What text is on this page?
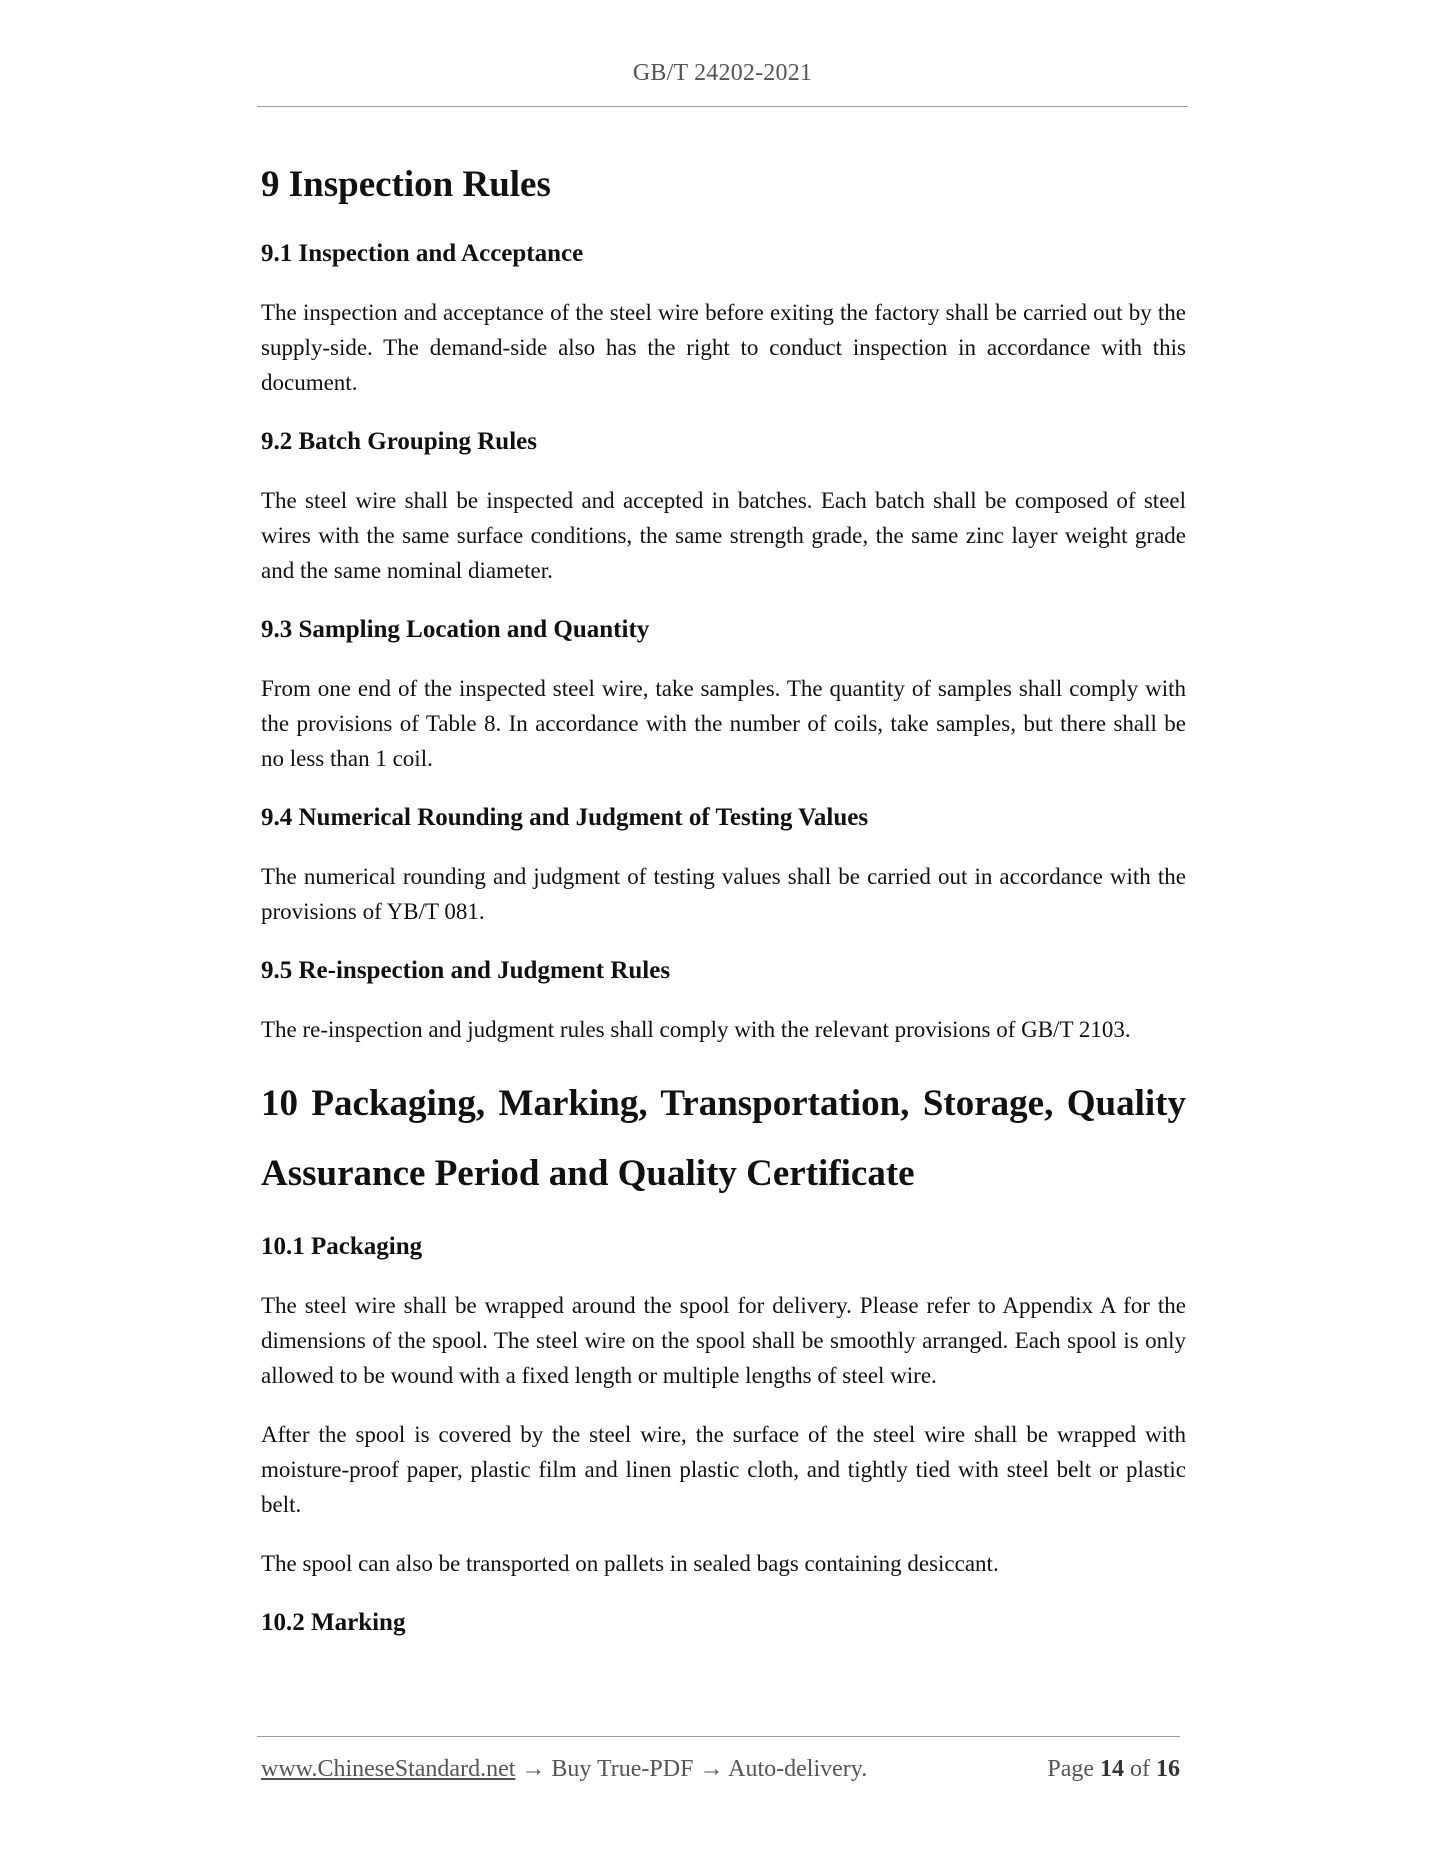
GB/T 24202-2021
9 Inspection Rules
9.1 Inspection and Acceptance

The inspection and acceptance of the steel wire before exiting the factory shall be carried out by the supply-side. The demand-side also has the right to conduct inspection in accordance with this document.

9.2 Batch Grouping Rules

The steel wire shall be inspected and accepted in batches. Each batch shall be composed of steel wires with the same surface conditions, the same strength grade, the same zinc layer weight grade and the same nominal diameter.

9.3 Sampling Location and Quantity

From one end of the inspected steel wire, take samples. The quantity of samples shall comply with the provisions of Table 8. In accordance with the number of coils, take samples, but there shall be no less than 1 coil.

9.4 Numerical Rounding and Judgment of Testing Values

The numerical rounding and judgment of testing values shall be carried out in accordance with the provisions of YB/T 081.

9.5 Re-inspection and Judgment Rules

The re-inspection and judgment rules shall comply with the relevant provisions of GB/T 2103.

10 Packaging, Marking, Transportation, Storage, Quality Assurance Period and Quality Certificate
10.1 Packaging

The steel wire shall be wrapped around the spool for delivery. Please refer to Appendix A for the dimensions of the spool. The steel wire on the spool shall be smoothly arranged. Each spool is only allowed to be wound with a fixed length or multiple lengths of steel wire.

After the spool is covered by the steel wire, the surface of the steel wire shall be wrapped with moisture-proof paper, plastic film and linen plastic cloth, and tightly tied with steel belt or plastic belt.

The spool can also be transported on pallets in sealed bags containing desiccant.

10.2 Marking
www.ChineseStandard.net → Buy True-PDF → Auto-delivery.	Page 14 of 16
